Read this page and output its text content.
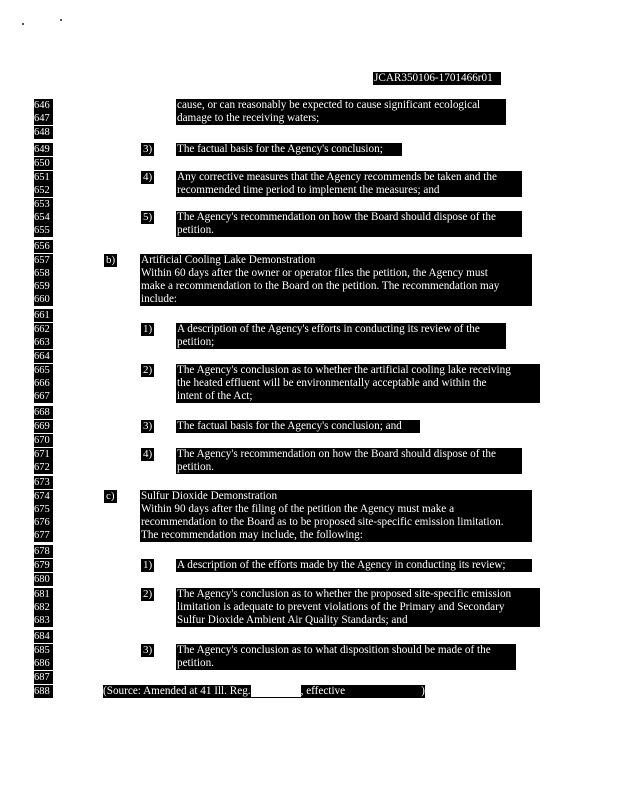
JCAR350106-1701466r01
646
647
648
649
650
651
652
653
654
655
656
657
658
659
660
661
662
663
664
665
666
667
668
669
670
671
672
673
674
675
676
677
678
679
680
681
682
683
684
685
686
687
688
cause, or can reasonably be expected to cause significant ecological
damage to the receiving waters;
3) The factual basis for the Agency's conclusion;
4) Any corrective measures that the Agency recommends be taken and the
recommended time period to implement the measures; and
5) The Agency's recommendation on how the Board should dispose of the
petition.
b) Artificial Cooling Lake Demonstration
Within 60 days after the owner or operator files the petition, the Agency must
make a recommendation to the Board on the petition. The recommendation may
include:
1) A description of the Agency's efforts in conducting its review of the
petition;
2) The Agency's conclusion as to whether the artificial cooling lake receiving
the heated effluent will be environmentally acceptable and within the
intent of the Act;
3) The factual basis for the Agency's conclusion; and
4) The Agency's recommendation on how the Board should dispose of the
petition.
c) Sulfur Dioxide Demonstration
Within 90 days after the filing of the petition the Agency must make a
recommendation to the Board as to be proposed site-specific emission limitation.
The recommendation may include, the following:
1) A description of the efforts made by the Agency in conducting its review;
2) The Agency's conclusion as to whether the proposed site-specific emission
limitation is adequate to prevent violations of the Primary and Secondary
Sulfur Dioxide Ambient Air Quality Standards; and
3) The Agency's conclusion as to what disposition should be made of the
petition.
(Source: Amended at 41 Ill. Reg.	, effective	)
